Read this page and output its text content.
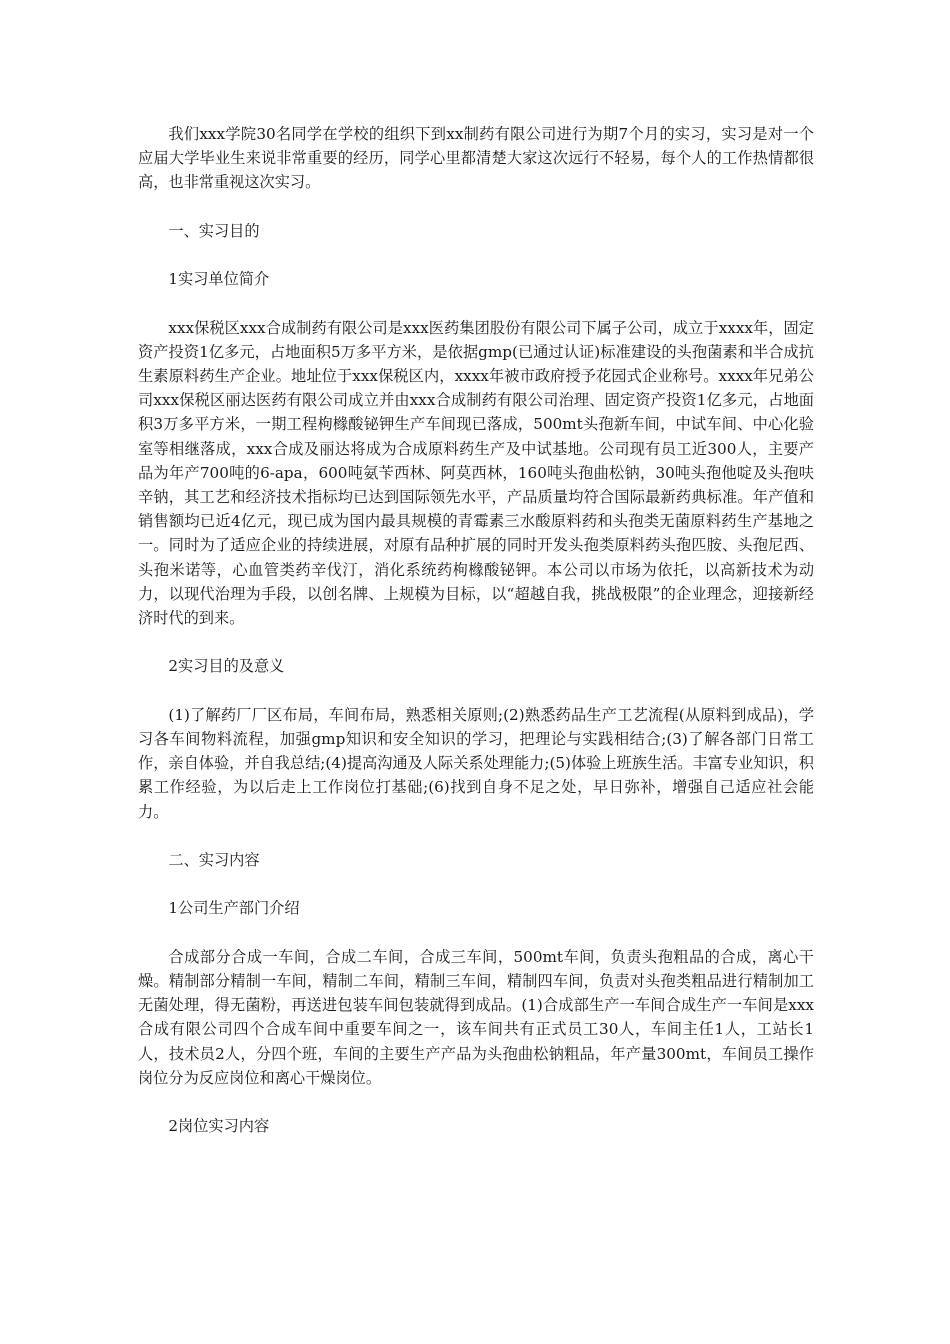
我们xxx学院30名同学在学校的组织下到xx制药有限公司进行为期7个月的实习，实习是对一个应届大学毕业生来说非常重要的经历，同学心里都清楚大家这次远行不轻易，每个人的工作热情都很高，也非常重视这次实习。

一、实习目的

1实习单位简介

xxx保税区xxx合成制药有限公司是xxx医药集团股份有限公司下属子公司，成立于xxxx年，固定资产投资1亿多元，占地面积5万多平方米，是依据gmp(已通过认证)标准建设的头孢菌素和半合成抗生素原料药生产企业。地址位于xxx保税区内，xxxx年被市政府授予花园式企业称号。xxxx年兄弟公司xxx保税区丽达医药有限公司成立并由xxx合成制药有限公司治理、固定资产投资1亿多元，占地面积3万多平方米，一期工程枸橼酸铋钾生产车间现已落成，500mt头孢新车间，中试车间、中心化验室等相继落成，xxx合成及丽达将成为合成原料药生产及中试基地。公司现有员工近300人，主要产品为年产700吨的6-apa，600吨氨苄西林、阿莫西林，160吨头孢曲松钠，30吨头孢他啶及头孢呋辛钠，其工艺和经济技术指标均已达到国际领先水平，产品质量均符合国际最新药典标准。年产值和销售额均已近4亿元，现已成为国内最具规模的青霉素三水酸原料药和头孢类无菌原料药生产基地之一。同时为了适应企业的持续进展，对原有品种扩展的同时开发头孢类原料药头孢匹胺、头孢尼西、头孢米诺等，心血管类药辛伐汀，消化系统药枸橼酸铋钾。本公司以市场为依托，以高新技术为动力，以现代治理为手段，以创名牌、上规模为目标，以“超越自我，挑战极限”的企业理念，迎接新经济时代的到来。

2实习目的及意义

(1)了解药厂厂区布局，车间布局，熟悉相关原则;(2)熟悉药品生产工艺流程(从原料到成品)，学习各车间物料流程，加强gmp知识和安全知识的学习，把理论与实践相结合;(3)了解各部门日常工作，亲自体验，并自我总结;(4)提高沟通及人际关系处理能力;(5)体验上班族生活。丰富专业知识，积累工作经验，为以后走上工作岗位打基础;(6)找到自身不足之处，早日弥补，增强自己适应社会能力。

二、实习内容

1公司生产部门介绍

合成部分合成一车间，合成二车间，合成三车间，500mt车间，负责头孢粗品的合成，离心干燥。精制部分精制一车间，精制二车间，精制三车间，精制四车间，负责对头孢类粗品进行精制加工无菌处理，得无菌粉，再送进包装车间包装就得到成品。(1)合成部生产一车间合成生产一车间是xxx合成有限公司四个合成车间中重要车间之一，该车间共有正式员工30人，车间主任1人，工站长1人，技术员2人，分四个班，车间的主要生产产品为头孢曲松钠粗品，年产量300mt，车间员工操作岗位分为反应岗位和离心干燥岗位。

2岗位实习内容
